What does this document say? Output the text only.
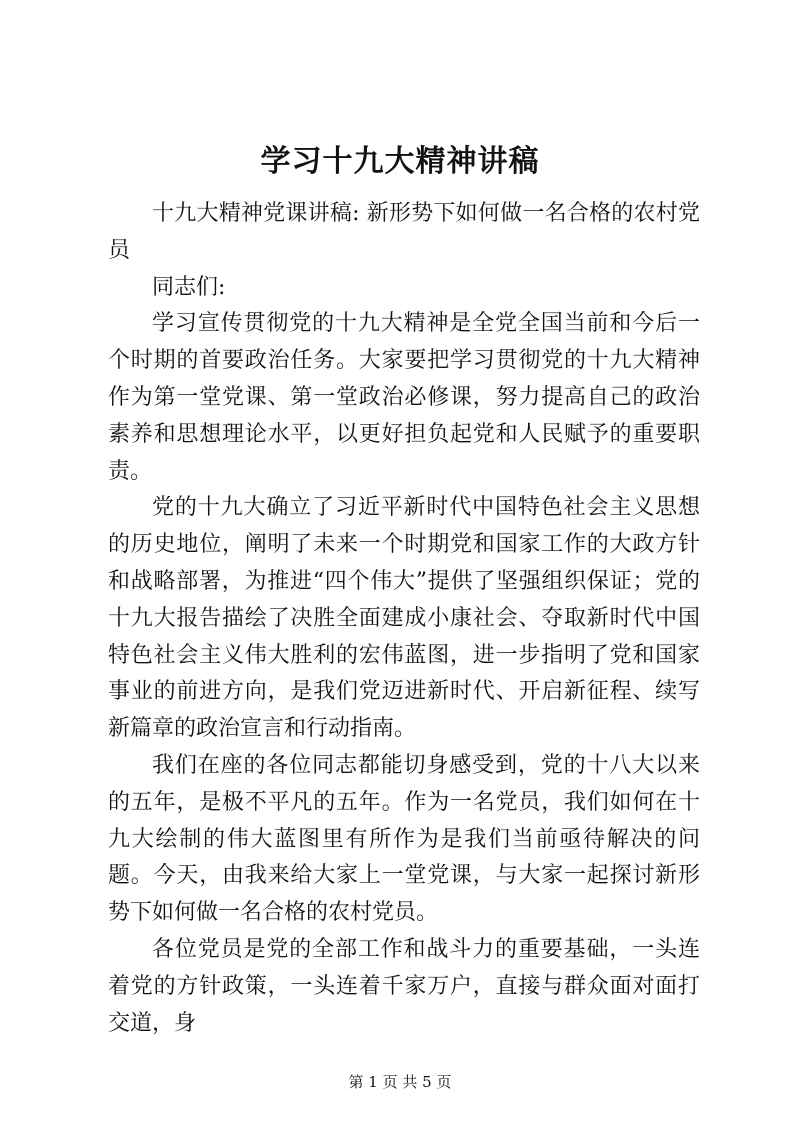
学习十九大精神讲稿

十九大精神党课讲稿: 新形势下如何做一名合格的农村党员

同志们:

学习宣传贯彻党的十九大精神是全党全国当前和今后一个时期的首要政治任务。大家要把学习贯彻党的十九大精神作为第一堂党课、第一堂政治必修课，努力提高自己的政治素养和思想理论水平，以更好担负起党和人民赋予的重要职责。

党的十九大确立了习近平新时代中国特色社会主义思想的历史地位，阐明了未来一个时期党和国家工作的大政方针和战略部署，为推进“四个伟大”提供了坚强组织保证；党的十九大报告描绘了决胜全面建成小康社会、夺取新时代中国特色社会主义伟大胜利的宏伟蓝图，进一步指明了党和国家事业的前进方向，是我们党迈进新时代、开启新征程、续写新篇章的政治宣言和行动指南。

我们在座的各位同志都能切身感受到，党的十八大以来的五年，是极不平凡的五年。作为一名党员，我们如何在十九大绘制的伟大蓝图里有所作为是我们当前亟待解决的问题。今天，由我来给大家上一堂党课，与大家一起探讨新形势下如何做一名合格的农村党员。

各位党员是党的全部工作和战斗力的重要基础，一头连着党的方针政策，一头连着千家万户，直接与群众面对面打交道，身

第 1 页 共 5 页
